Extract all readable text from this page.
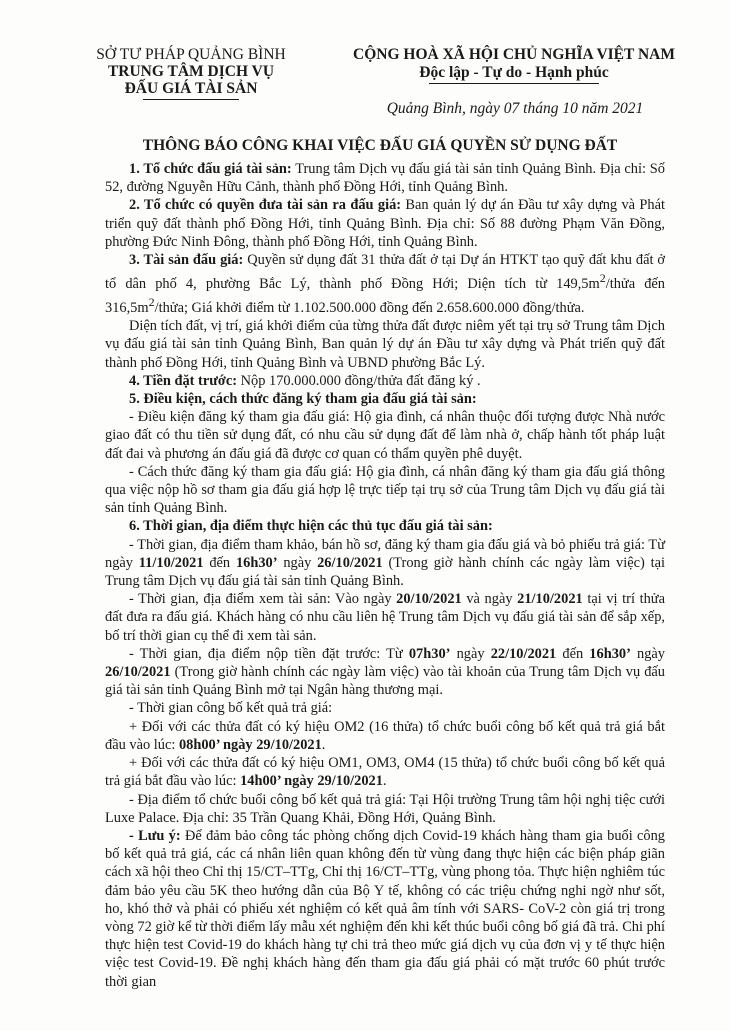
SỞ TƯ PHÁP QUẢNG BÌNH
TRUNG TÂM DỊCH VỤ
ĐẤU GIÁ TÀI SẢN
CỘNG HOÀ XÃ HỘI CHỦ NGHĨA VIỆT NAM
Độc lập - Tự do - Hạnh phúc
Quảng Bình, ngày 07 tháng 10 năm 2021
THÔNG BÁO CÔNG KHAI VIỆC ĐẤU GIÁ QUYỀN SỬ DỤNG ĐẤT

1. Tổ chức đấu giá tài sản: Trung tâm Dịch vụ đấu giá tài sản tỉnh Quảng Bình. Địa chỉ: Số 52, đường Nguyễn Hữu Cảnh, thành phố Đồng Hới, tỉnh Quảng Bình.

2. Tổ chức có quyền đưa tài sản ra đấu giá: Ban quản lý dự án Đầu tư xây dựng và Phát triển quỹ đất thành phố Đồng Hới, tỉnh Quảng Bình. Địa chỉ: Số 88 đường Phạm Văn Đồng, phường Đức Ninh Đông, thành phố Đồng Hới, tỉnh Quảng Bình.

3. Tài sản đấu giá: Quyền sử dụng đất 31 thửa đất ở tại Dự án HTKT tạo quỹ đất khu đất ở tổ dân phố 4, phường Bắc Lý, thành phố Đồng Hới; Diện tích từ $149,5m^2$/thửa đến $316,5m^2$/thửa; Giá khởi điểm từ 1.102.500.000 đồng đến 2.658.600.000 đồng/thửa.

Diện tích đất, vị trí, giá khởi điểm của từng thửa đất được niêm yết tại trụ sở Trung tâm Dịch vụ đấu giá tài sản tỉnh Quảng Bình, Ban quản lý dự án Đầu tư xây dựng và Phát triển quỹ đất thành phố Đồng Hới, tỉnh Quảng Bình và UBND phường Bắc Lý.

4. Tiền đặt trước: Nộp 170.000.000 đồng/thửa đất đăng ký .

5. Điều kiện, cách thức đăng ký tham gia đấu giá tài sản:

- Điều kiện đăng ký tham gia đấu giá: Hộ gia đình, cá nhân thuộc đối tượng được Nhà nước giao đất có thu tiền sử dụng đất, có nhu cầu sử dụng đất để làm nhà ở, chấp hành tốt pháp luật đất đai và phương án đấu giá đã được cơ quan có thẩm quyền phê duyệt.

- Cách thức đăng ký tham gia đấu giá: Hộ gia đình, cá nhân đăng ký tham gia đấu giá thông qua việc nộp hồ sơ tham gia đấu giá hợp lệ trực tiếp tại trụ sở của Trung tâm Dịch vụ đấu giá tài sản tỉnh Quảng Bình.

6. Thời gian, địa điểm thực hiện các thủ tục đấu giá tài sản:

- Thời gian, địa điểm tham khảo, bán hồ sơ, đăng ký tham gia đấu giá và bỏ phiếu trả giá: Từ ngày 11/10/2021 đến 16h30’ ngày 26/10/2021 (Trong giờ hành chính các ngày làm việc) tại Trung tâm Dịch vụ đấu giá tài sản tỉnh Quảng Bình.

- Thời gian, địa điểm xem tài sản: Vào ngày 20/10/2021 và ngày 21/10/2021 tại vị trí thửa đất đưa ra đấu giá. Khách hàng có nhu cầu liên hệ Trung tâm Dịch vụ đấu giá tài sản để sắp xếp, bố trí thời gian cụ thể đi xem tài sản.

- Thời gian, địa điểm nộp tiền đặt trước: Từ 07h30’ ngày 22/10/2021 đến 16h30’ ngày 26/10/2021 (Trong giờ hành chính các ngày làm việc) vào tài khoản của Trung tâm Dịch vụ đấu giá tài sản tỉnh Quảng Bình mở tại Ngân hàng thương mại.

- Thời gian công bố kết quả trả giá:

+ Đối với các thửa đất có ký hiệu OM2 (16 thửa) tổ chức buổi công bố kết quả trả giá bắt đầu vào lúc: 08h00’ ngày 29/10/2021.

+ Đối với các thửa đất có ký hiệu OM1, OM3, OM4 (15 thửa) tổ chức buổi công bố kết quả trả giá bắt đầu vào lúc: 14h00’ ngày 29/10/2021.

- Địa điểm tổ chức buổi công bố kết quả trả giá: Tại Hội trường Trung tâm hội nghị tiệc cưới Luxe Palace. Địa chỉ: 35 Trần Quang Khải, Đồng Hới, Quảng Bình.

- Lưu ý: Để đảm bảo công tác phòng chống dịch Covid-19 khách hàng tham gia buổi công bố kết quả trả giá, các cá nhân liên quan không đến từ vùng đang thực hiện các biện pháp giãn cách xã hội theo Chỉ thị 15/CT–TTg, Chỉ thị 16/CT–TTg, vùng phong tỏa. Thực hiện nghiêm túc đảm bảo yêu cầu 5K theo hướng dẫn của Bộ Y tế, không có các triệu chứng nghi ngờ như sốt, ho, khó thở và phải có phiếu xét nghiệm có kết quả âm tính với SARS- CoV-2 còn giá trị trong vòng 72 giờ kể từ thời điểm lấy mẫu xét nghiệm đến khi kết thúc buổi công bố giá đã trả. Chi phí thực hiện test Covid-19 do khách hàng tự chi trả theo mức giá dịch vụ của đơn vị y tế thực hiện việc test Covid-19. Đề nghị khách hàng đến tham gia đấu giá phải có mặt trước 60 phút trước thời gian
